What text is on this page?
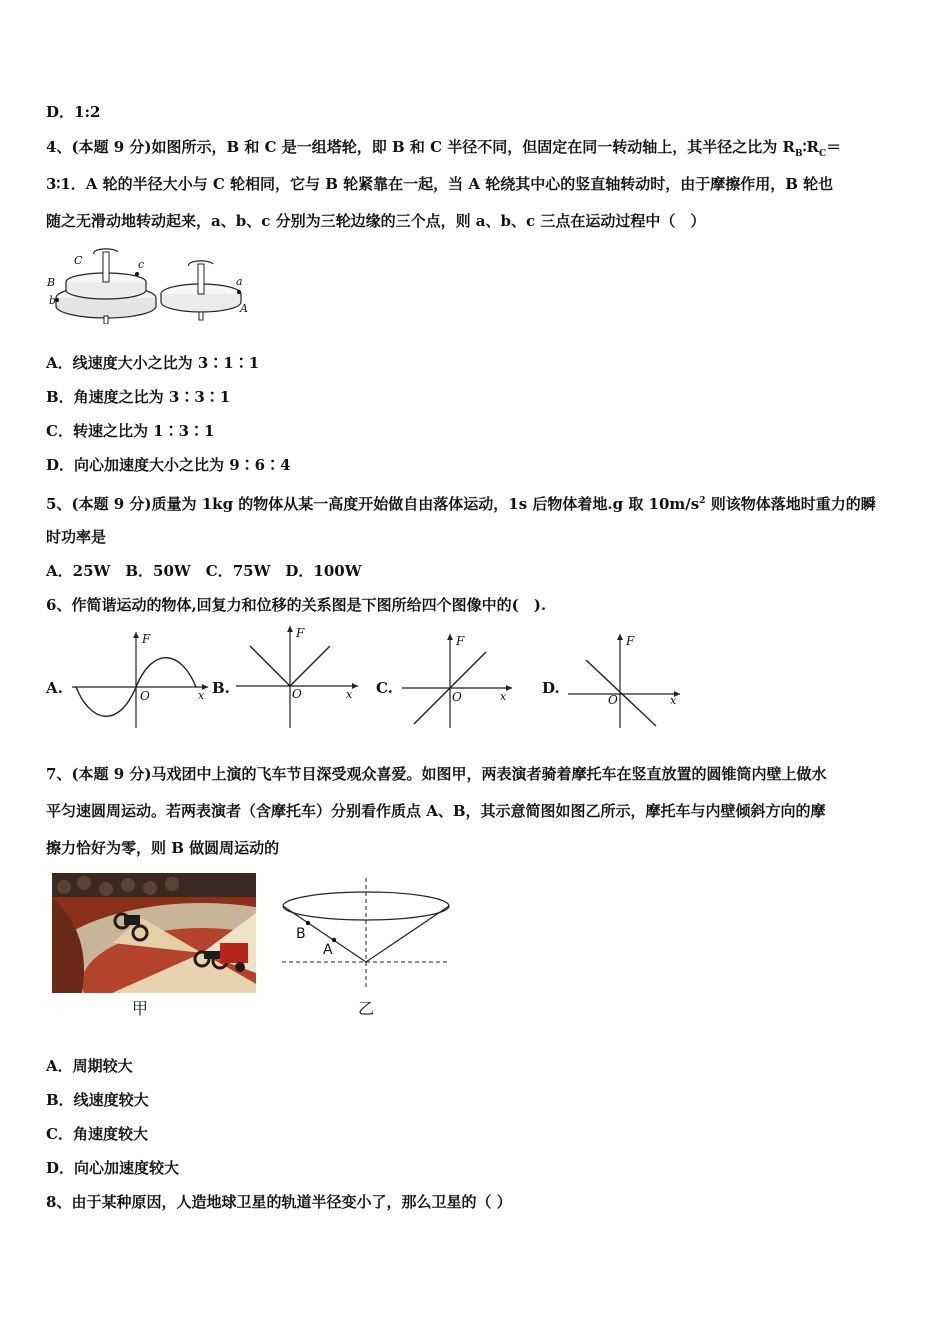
D．1:2
4、(本题 9 分)如图所示，B 和 C 是一组塔轮，即 B 和 C 半径不同，但固定在同一转动轴上，其半径之比为 $R_B∶R_C=$
3∶1．A 轮的半径大小与 C 轮相同，它与 B 轮紧靠在一起，当 A 轮绕其中心的竖直轴转动时，由于摩擦作用，B 轮也
随之无滑动地转动起来，a、b、c 分别为三轮边缘的三个点，则 a、b、c 三点在运动过程中（　）
C	c
B
b
a
A
A．线速度大小之比为 3∶1∶1
B．角速度之比为 3∶3∶1
C．转速之比为 1∶3∶1
D．向心加速度大小之比为 9∶6∶4
5、(本题 9 分)质量为 1kg 的物体从某一高度开始做自由落体运动，1s 后物体着地.g 取 $10m/s^2$ 则该物体落地时重力的瞬
时功率是
A．25W　B．50W　C．75W　D．100W
6、作简谐运动的物体,回复力和位移的关系图是下图所给四个图像中的(　).
A.
F
O	x B.
F
O	x C.
F
O	x D.
F
O	x
7、(本题 9 分)马戏团中上演的飞车节目深受观众喜爱。如图甲，两表演者骑着摩托车在竖直放置的圆锥筒内壁上做水
平匀速圆周运动。若两表演者（含摩托车）分别看作质点 A、B，其示意简图如图乙所示，摩托车与内壁倾斜方向的摩
擦力恰好为零，则 B 做圆周运动的
甲
B
A
乙
A．周期较大
B．线速度较大
C．角速度较大
D．向心加速度较大
8、由于某种原因，人造地球卫星的轨道半径变小了，那么卫星的（ ）
